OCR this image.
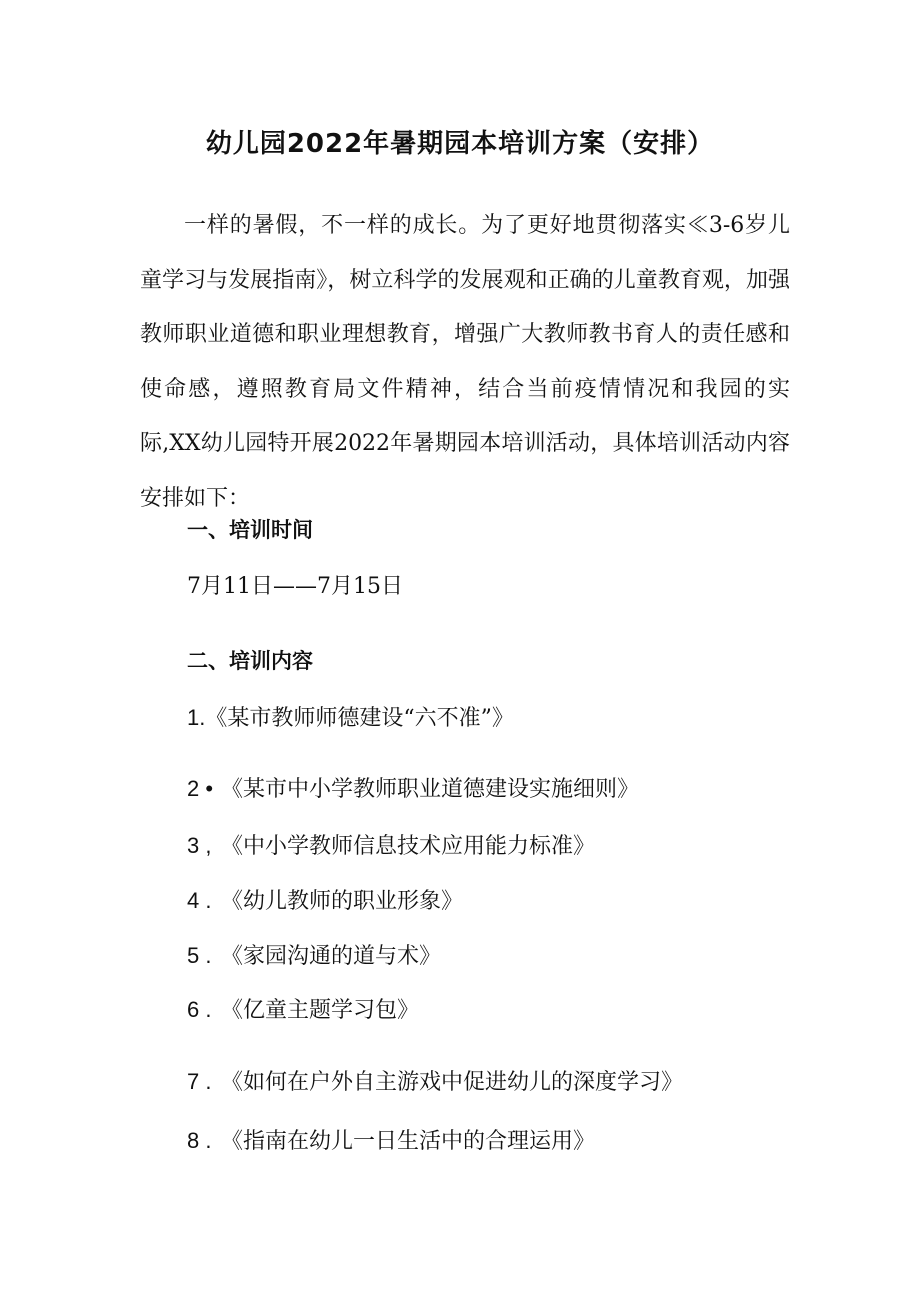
幼儿园2022年暑期园本培训方案（安排）

一样的暑假，不一样的成长。为了更好地贯彻落实≪3-6岁儿童学习与发展指南》，树立科学的发展观和正确的儿童教育观，加强教师职业道德和职业理想教育，增强广大教师教书育人的责任感和使命感，遵照教育局文件精神，结合当前疫情情况和我园的实际,XX幼儿园特开展2022年暑期园本培训活动，具体培训活动内容安排如下：

一、培训时间
7月11日——7月15日
二、培训内容
1.《某市教师师德建设“六不准”》
2 • 《某市中小学教师职业道德建设实施细则》
3 , 《中小学教师信息技术应用能力标准》
4 . 《幼儿教师的职业形象》
5 . 《家园沟通的道与术》
6 . 《亿童主题学习包》
7 . 《如何在户外自主游戏中促进幼儿的深度学习》
8 . 《指南在幼儿一日生活中的合理运用》
